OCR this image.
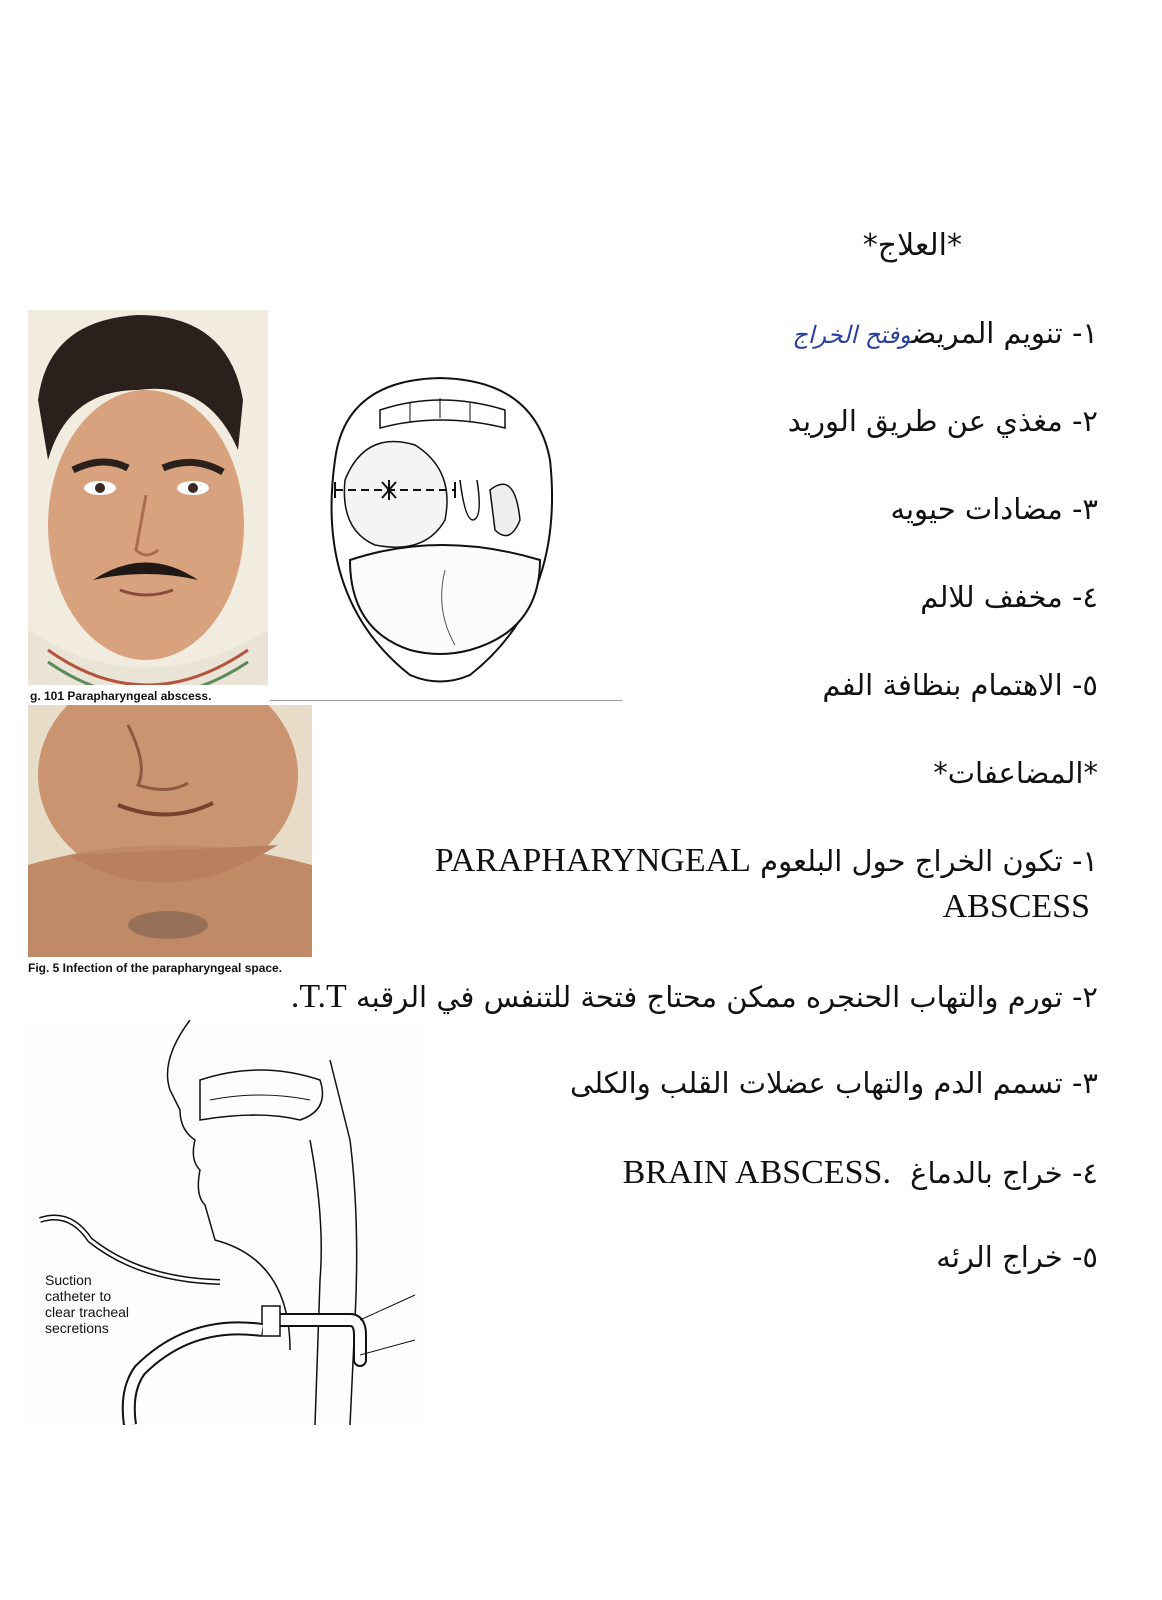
*العلاج*
١- تنويم المريضوفتح الخراج
٢- مغذي عن طريق الوريد
٣- مضادات حيويه
٤- مخفف للالم
٥- الاهتمام بنظافة الفم
*المضاعفات*
١- تكون الخراج حول البلعوم PARAPHARYNGEAL
ABSCESS
٢- تورم والتهاب الحنجره ممكن محتاج فتحة للتنفس في الرقبه T.T.
٣- تسمم الدم والتهاب عضلات القلب والكلى
٤- خراج بالدماغ .BRAIN ABSCESS
٥- خراج الرئه
g. 101 Parapharyngeal abscess.
Fig. 5 Infection of the parapharyngeal space.
Suction
catheter to
clear tracheal
secretions
